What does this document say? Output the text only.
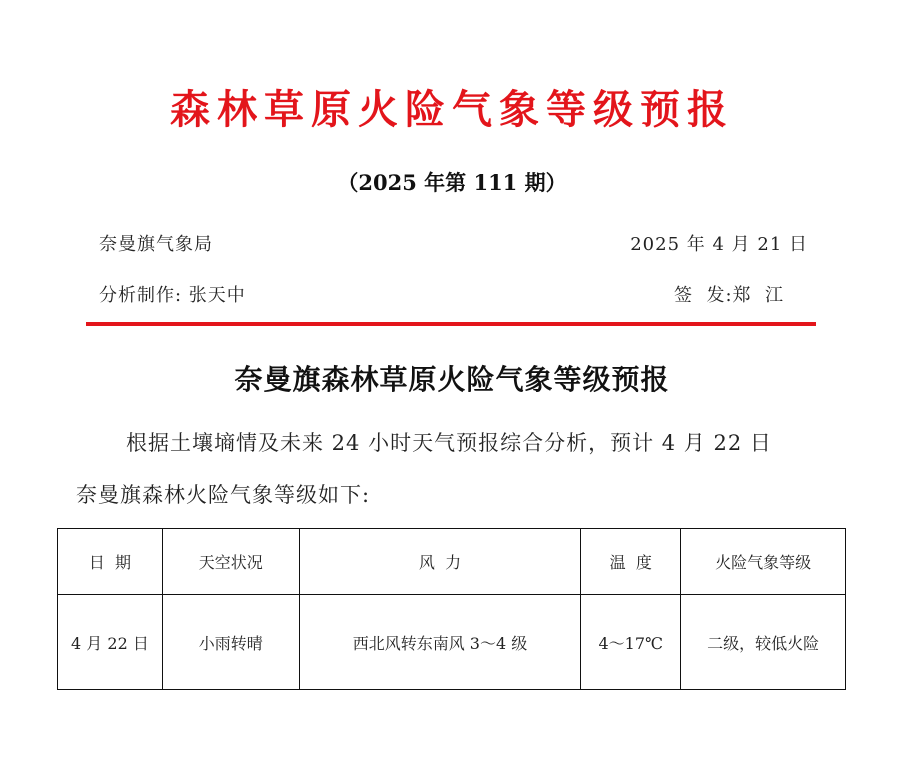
森林草原火险气象等级预报
（2025 年第 111 期）
奈曼旗气象局	2025 年 4 月 21 日
分析制作: 张天中	签  发:郑  江
奈曼旗森林草原火险气象等级预报
根据土壤墒情及未来 24 小时天气预报综合分析，预计 4 月 22 日
奈曼旗森林火险气象等级如下:
日  期	天空状况	风  力	温  度	火险气象等级
4 月 22 日	小雨转晴	西北风转东南风 3～4 级	4～17℃	二级，较低火险
